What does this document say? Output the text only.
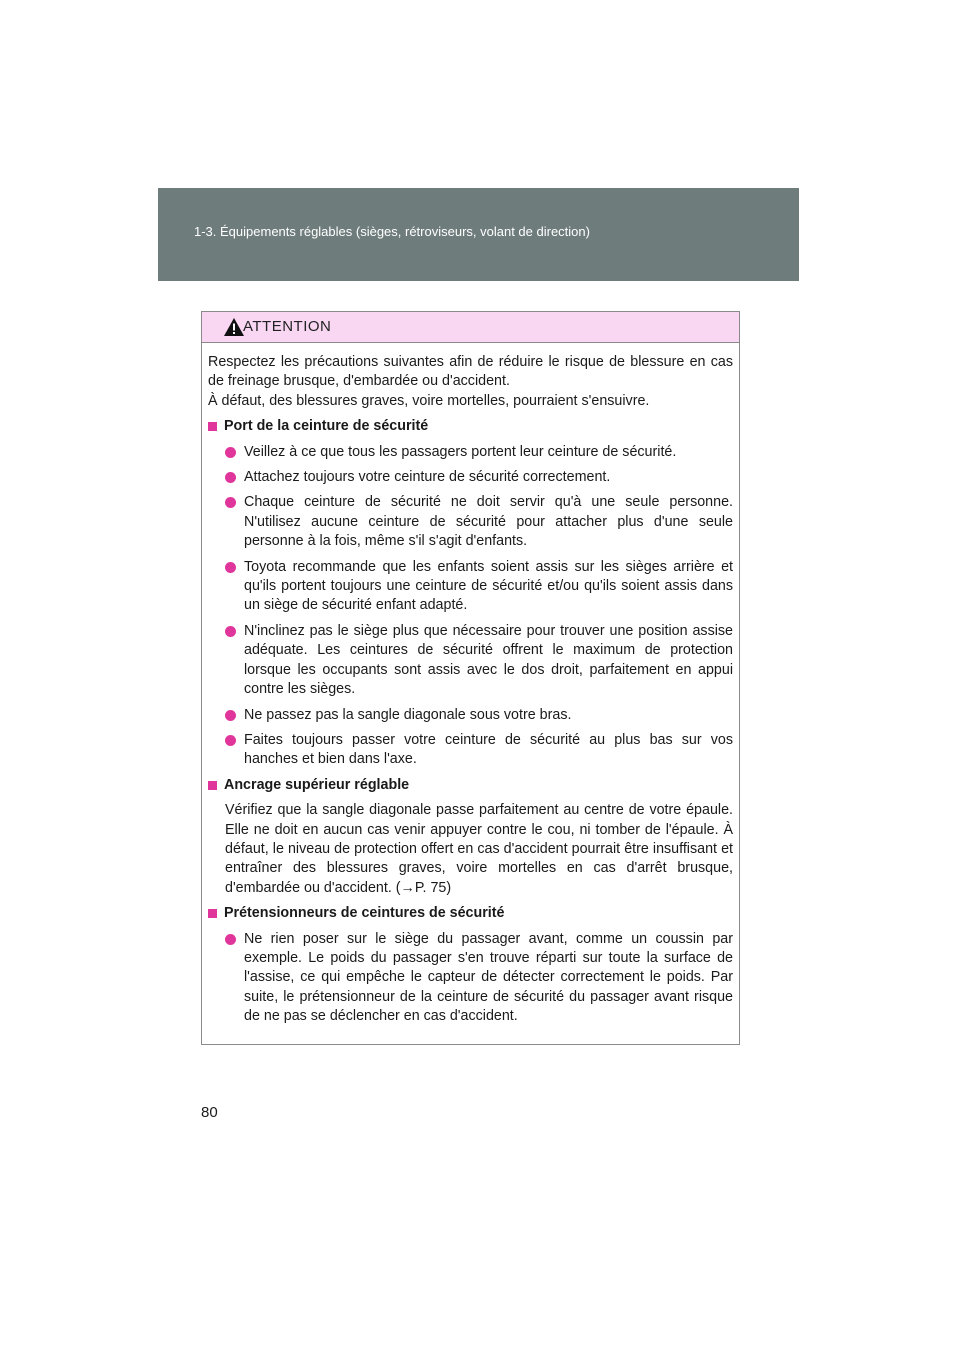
1-3. Équipements réglables (sièges, rétroviseurs, volant de direction)
ATTENTION

Respectez les précautions suivantes afin de réduire le risque de blessure en cas de freinage brusque, d'embardée ou d'accident.
À défaut, des blessures graves, voire mortelles, pourraient s'ensuivre.

Port de la ceinture de sécurité

Veillez à ce que tous les passagers portent leur ceinture de sécurité.

Attachez toujours votre ceinture de sécurité correctement.

Chaque ceinture de sécurité ne doit servir qu'à une seule personne. N'utilisez aucune ceinture de sécurité pour attacher plus d'une seule personne à la fois, même s'il s'agit d'enfants.

Toyota recommande que les enfants soient assis sur les sièges arrière et qu'ils portent toujours une ceinture de sécurité et/ou qu'ils soient assis dans un siège de sécurité enfant adapté.

N'inclinez pas le siège plus que nécessaire pour trouver une position assise adéquate. Les ceintures de sécurité offrent le maximum de protection lorsque les occupants sont assis avec le dos droit, parfaitement en appui contre les sièges.

Ne passez pas la sangle diagonale sous votre bras.

Faites toujours passer votre ceinture de sécurité au plus bas sur vos hanches et bien dans l'axe.

Ancrage supérieur réglable

Vérifiez que la sangle diagonale passe parfaitement au centre de votre épaule. Elle ne doit en aucun cas venir appuyer contre le cou, ni tomber de l'épaule. À défaut, le niveau de protection offert en cas d'accident pourrait être insuffisant et entraîner des blessures graves, voire mortelles en cas d'arrêt brusque, d'embardée ou d'accident. (→P. 75)

Prétensionneurs de ceintures de sécurité

Ne rien poser sur le siège du passager avant, comme un coussin par exemple. Le poids du passager s'en trouve réparti sur toute la surface de l'assise, ce qui empêche le capteur de détecter correctement le poids. Par suite, le prétensionneur de la ceinture de sécurité du passager avant risque de ne pas se déclencher en cas d'accident.

80
